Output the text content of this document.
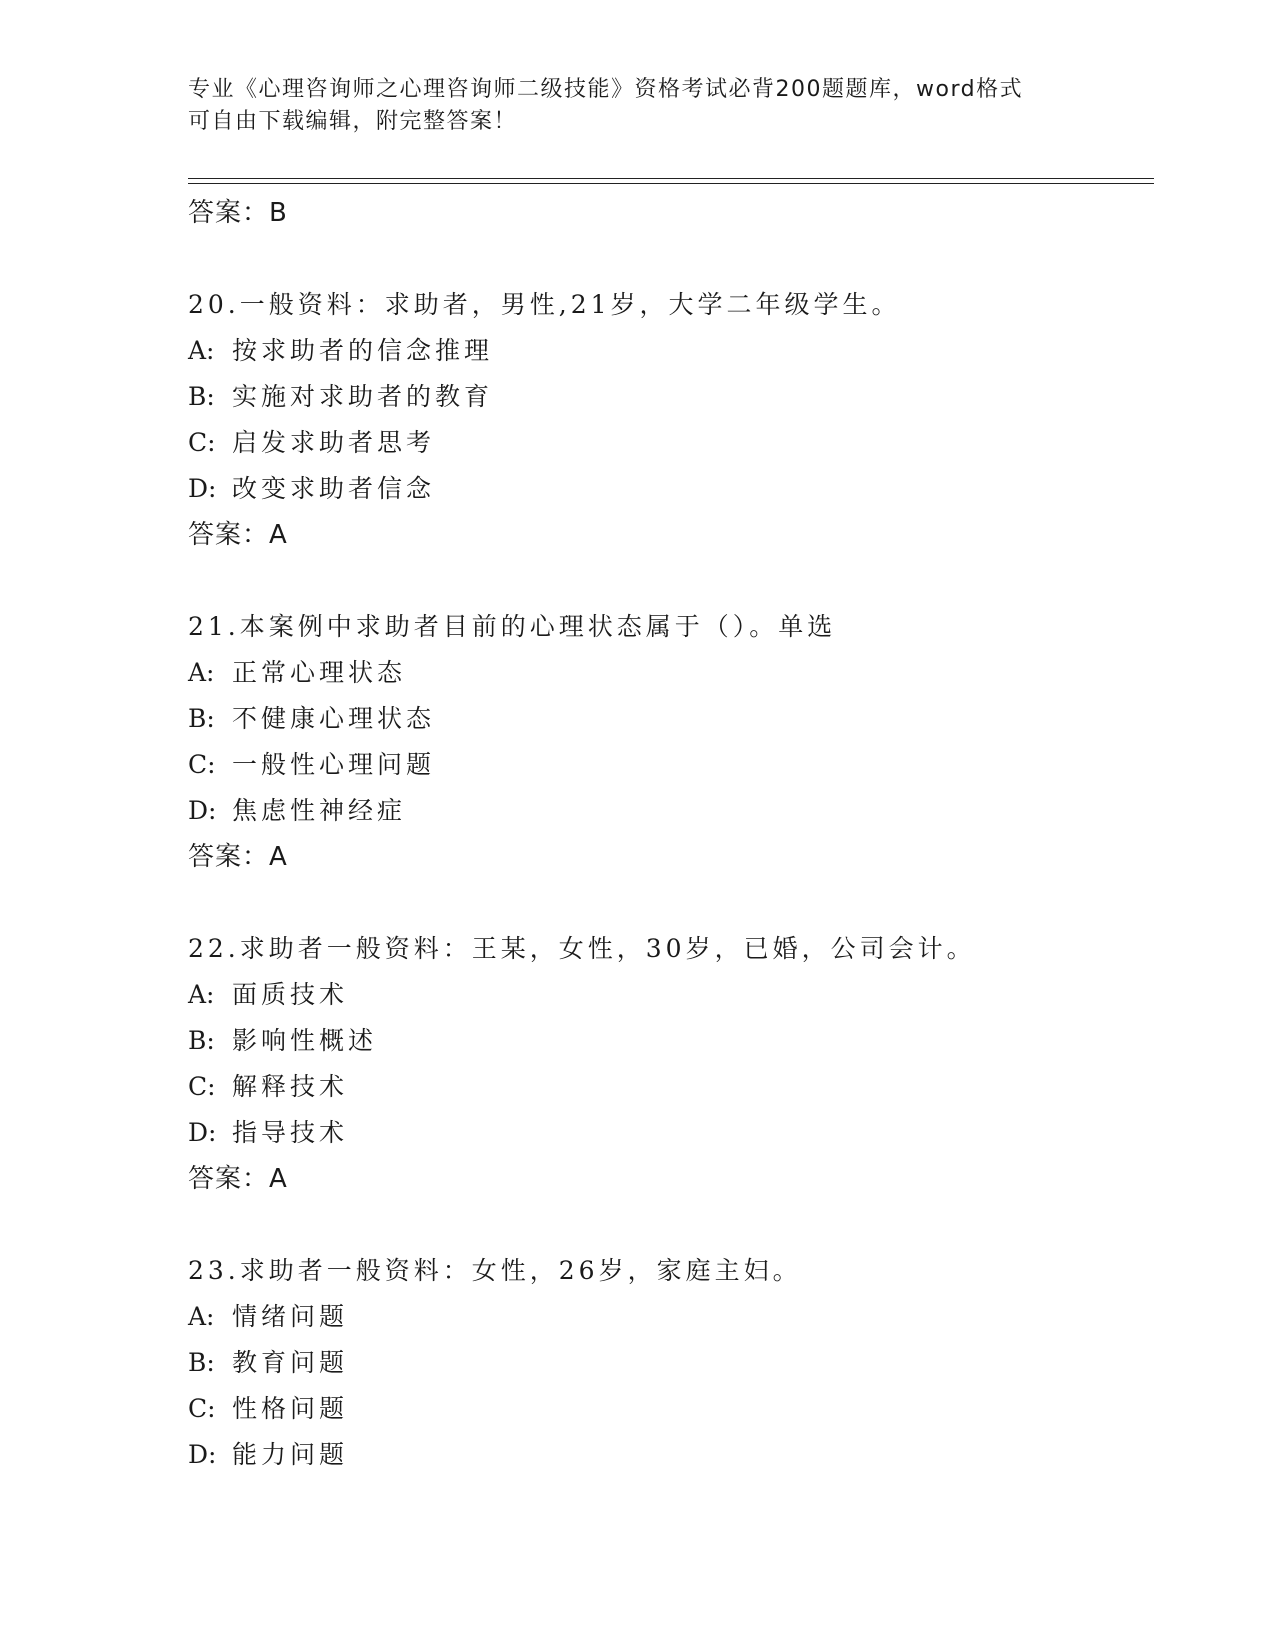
专业《心理咨询师之心理咨询师二级技能》资格考试必背200题题库，word格式
可自由下载编辑，附完整答案！
答案：B
20.一般资料：求助者，男性,21岁，大学二年级学生。
A: 按求助者的信念推理
B: 实施对求助者的教育
C: 启发求助者思考
D: 改变求助者信念
答案：A
21.本案例中求助者目前的心理状态属于（）。单选
A: 正常心理状态
B: 不健康心理状态
C: 一般性心理问题
D: 焦虑性神经症
答案：A
22.求助者一般资料：王某，女性，30岁，已婚，公司会计。
A: 面质技术
B: 影响性概述
C: 解释技术
D: 指导技术
答案：A
23.求助者一般资料：女性，26岁，家庭主妇。
A: 情绪问题
B: 教育问题
C: 性格问题
D: 能力问题
